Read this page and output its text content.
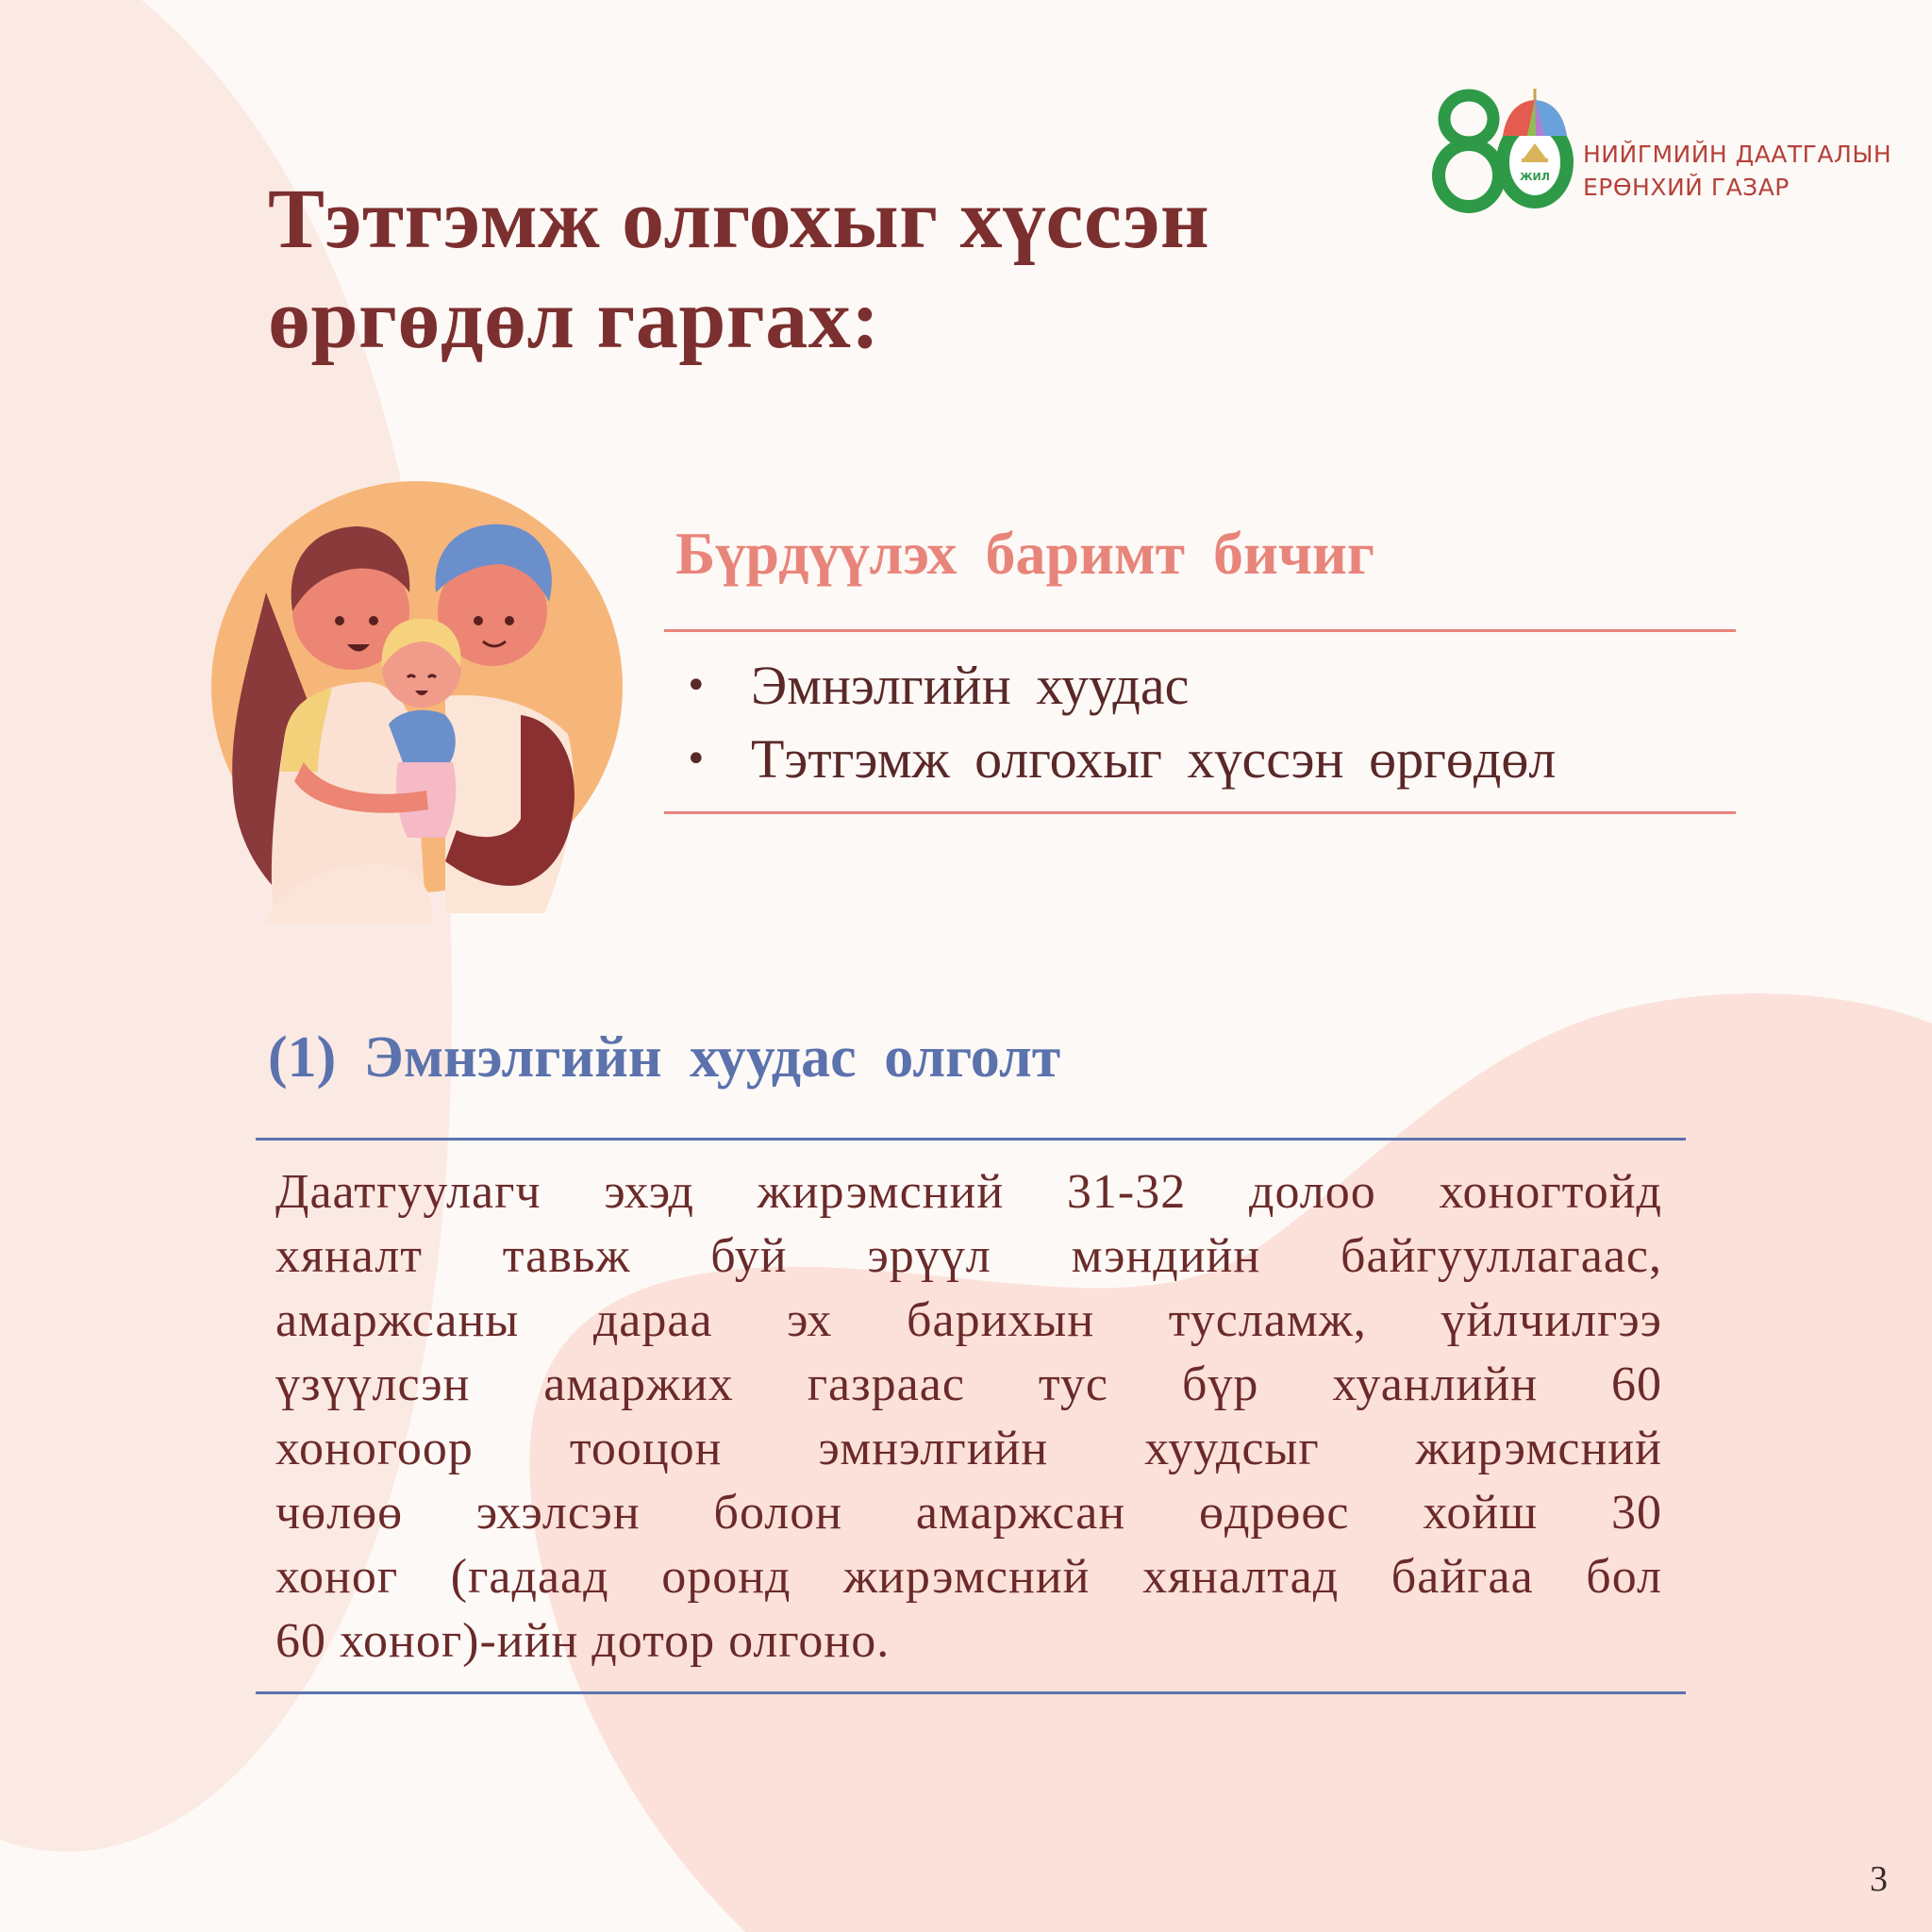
ЖИЛ
НИЙГМИЙН ДААТГАЛЫН
ЕРӨНХИЙ ГАЗАР
Тэтгэмж олгохыг хүссэн
өргөдөл гаргах:
Бүрдүүлэх баримт бичиг
• Эмнэлгийн хуудас
• Тэтгэмж олгохыг хүссэн өргөдөл
(1) Эмнэлгийн хуудас олголт

Даатгуулагч эхэд жирэмсний 31-32 долоо хоногтойд
хяналт тавьж буй эрүүл мэндийн байгууллагаас,
амаржсаны дараа эх барихын тусламж, үйлчилгээ
үзүүлсэн амаржих газраас тус бүр хуанлийн 60
хоногоор тооцон эмнэлгийн хуудсыг жирэмсний
чөлөө эхэлсэн болон амаржсан өдрөөс хойш 30
хоног (гадаад оронд жирэмсний хяналтад байгаа бол
60 хоног)-ийн дотор олгоно.

3
